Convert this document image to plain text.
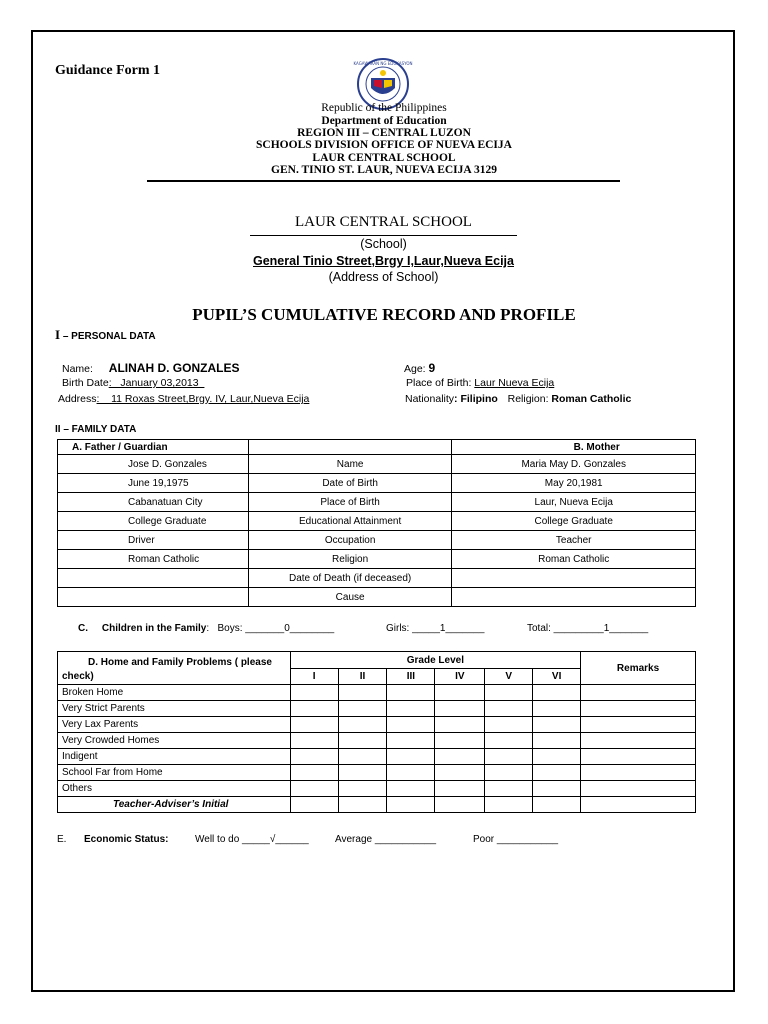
Guidance Form 1	KAGAWARAN NG EDUKASYON
Republic of the Philippines
Department of Education
REGION III – CENTRAL LUZON
SCHOOLS DIVISION OFFICE OF NUEVA ECIJA
LAUR CENTRAL SCHOOL
GEN. TINIO ST. LAUR, NUEVA ECIJA 3129
LAUR CENTRAL SCHOOL
(School)
General Tinio Street,Brgy I,Laur,Nueva Ecija
(Address of School)
PUPIL’S CUMULATIVE RECORD AND PROFILE
I – PERSONAL DATA
Name: ALINAH D. GONZALES	Age: 9
Birth Date:   January 03,2013	Place of Birth: Laur Nueva Ecija
Address:    11 Roxas Street,Brgy. IV, Laur,Nueva Ecija	Nationality: Filipino Religion: Roman Catholic
II – FAMILY DATA
A. Father / Guardian		B. Mother
Jose D. Gonzales	Name	Maria May D. Gonzales
June 19,1975	Date of Birth	May 20,1981
Cabanatuan City	Place of Birth	Laur, Nueva Ecija
College Graduate	Educational Attainment	College Graduate
Driver	Occupation	Teacher
Roman Catholic	Religion	Roman Catholic
	Date of Death (if deceased)	
	Cause	
C.     Children in the Family:   Boys: _______0________	Girls: _____1_______	Total: _________1_______
D. Home and Family Problems ( please
check)	Grade Level						Remarks
	I	II	III	IV	V	VI	
Broken Home							
Very Strict Parents							
Very Lax Parents							
Very Crowded Homes							
Indigent							
School Far from Home							
Others							
Teacher-Adviser’s Initial							
E. Economic Status:	Well to do _____√______	Average ___________	Poor ___________
